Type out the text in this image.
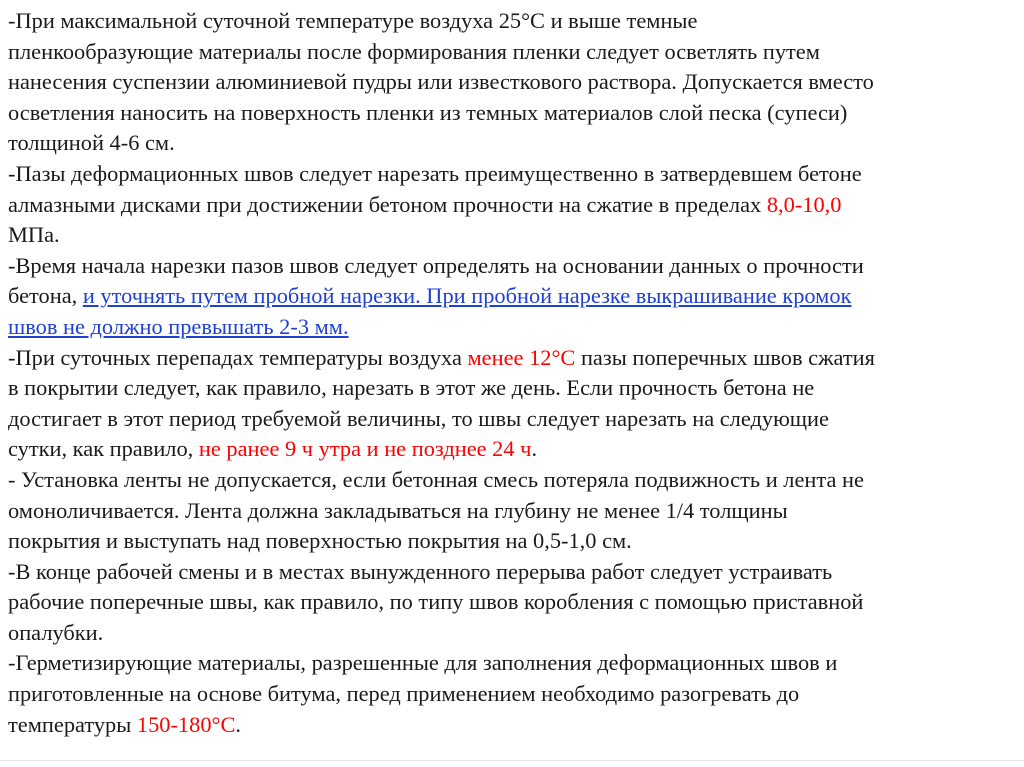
-При максимальной суточной температуре воздуха 25°С и выше темные
пленкообразующие материалы после формирования пленки следует осветлять путем
нанесения суспензии алюминиевой пудры или известкового раствора. Допускается вместо
осветления наносить на поверхность пленки из темных материалов слой песка (супеси)
толщиной 4-6 см.
-Пазы деформационных швов следует нарезать преимущественно в затвердевшем бетоне
алмазными дисками при достижении бетоном прочности на сжатие в пределах 8,0-10,0
МПа.
-Время начала нарезки пазов швов следует определять на основании данных о прочности
бетона, и уточнять путем пробной нарезки. При пробной нарезке выкрашивание кромок
швов не должно превышать 2-3 мм.
-При суточных перепадах температуры воздуха менее 12°С пазы поперечных швов сжатия
в покрытии следует, как правило, нарезать в этот же день. Если прочность бетона не
достигает в этот период требуемой величины, то швы следует нарезать на следующие
сутки, как правило, не ранее 9 ч утра и не позднее 24 ч.
- Установка ленты не допускается, если бетонная смесь потеряла подвижность и лента не
омоноличивается. Лента должна закладываться на глубину не менее 1/4 толщины
покрытия и выступать над поверхностью покрытия на 0,5-1,0 см.
-В конце рабочей смены и в местах вынужденного перерыва работ следует устраивать
рабочие поперечные швы, как правило, по типу швов коробления с помощью приставной
опалубки.
-Герметизирующие материалы, разрешенные для заполнения деформационных швов и
приготовленные на основе битума, перед применением необходимо разогревать до
температуры 150-180°С.
